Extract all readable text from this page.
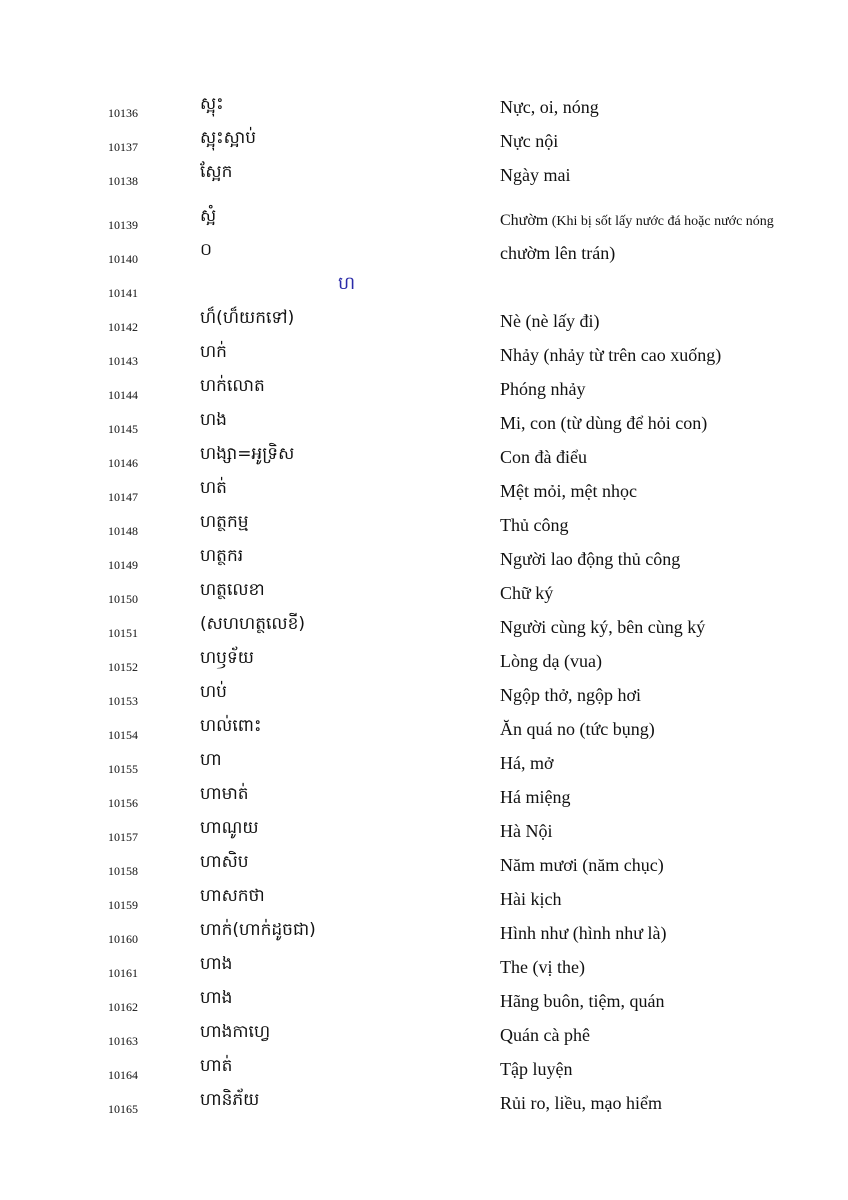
10136	ស្អុះ	Nực, oi, nóng
10137	ស្អុះស្អាប់	Nực nội
10138	ស្អែក	Ngày mai
10139	ស្អំ	Chườm (Khi bị sốt lấy nước đá hoặc nước nóng
10140	០	chườm lên trán)
10141	ហ
10142	ហ៏(ហ៏យកទៅ)	Nè (nè lấy đi)
10143	ហក់	Nhảy (nhảy từ trên cao xuống)
10144	ហក់លោត	Phóng nhảy
10145	ហង	Mi, con (từ dùng để hỏi con)
10146	ហង្សា=អូទ្រិស	Con đà điểu
10147	ហត់	Mệt mỏi, mệt nhọc
10148	ហត្ថកម្ម	Thủ công
10149	ហត្ថករ	Người lao động thủ công
10150	ហត្ថលេខា	Chữ ký
10151	(សហហត្ថលេខី)	Người cùng ký, bên cùng ký
10152	ហឫទ័យ	Lòng dạ (vua)
10153	ហប់	Ngộp thở, ngộp hơi
10154	ហល់ពោះ	Ăn quá no (tức bụng)
10155	ហា	Há, mở
10156	ហាមាត់	Há miệng
10157	ហាណូយ	Hà Nội
10158	ហាសិប	Năm mươi (năm chục)
10159	ហាសកថា	Hài kịch
10160	ហាក់(ហាក់ដូចជា)	Hình như (hình như là)
10161	ហាង	The (vị the)
10162	ហាង	Hãng buôn, tiệm, quán
10163	ហាងកាហ្វេ	Quán cà phê
10164	ហាត់	Tập luyện
10165	ហានិភ័យ	Rủi ro, liều, mạo hiểm
